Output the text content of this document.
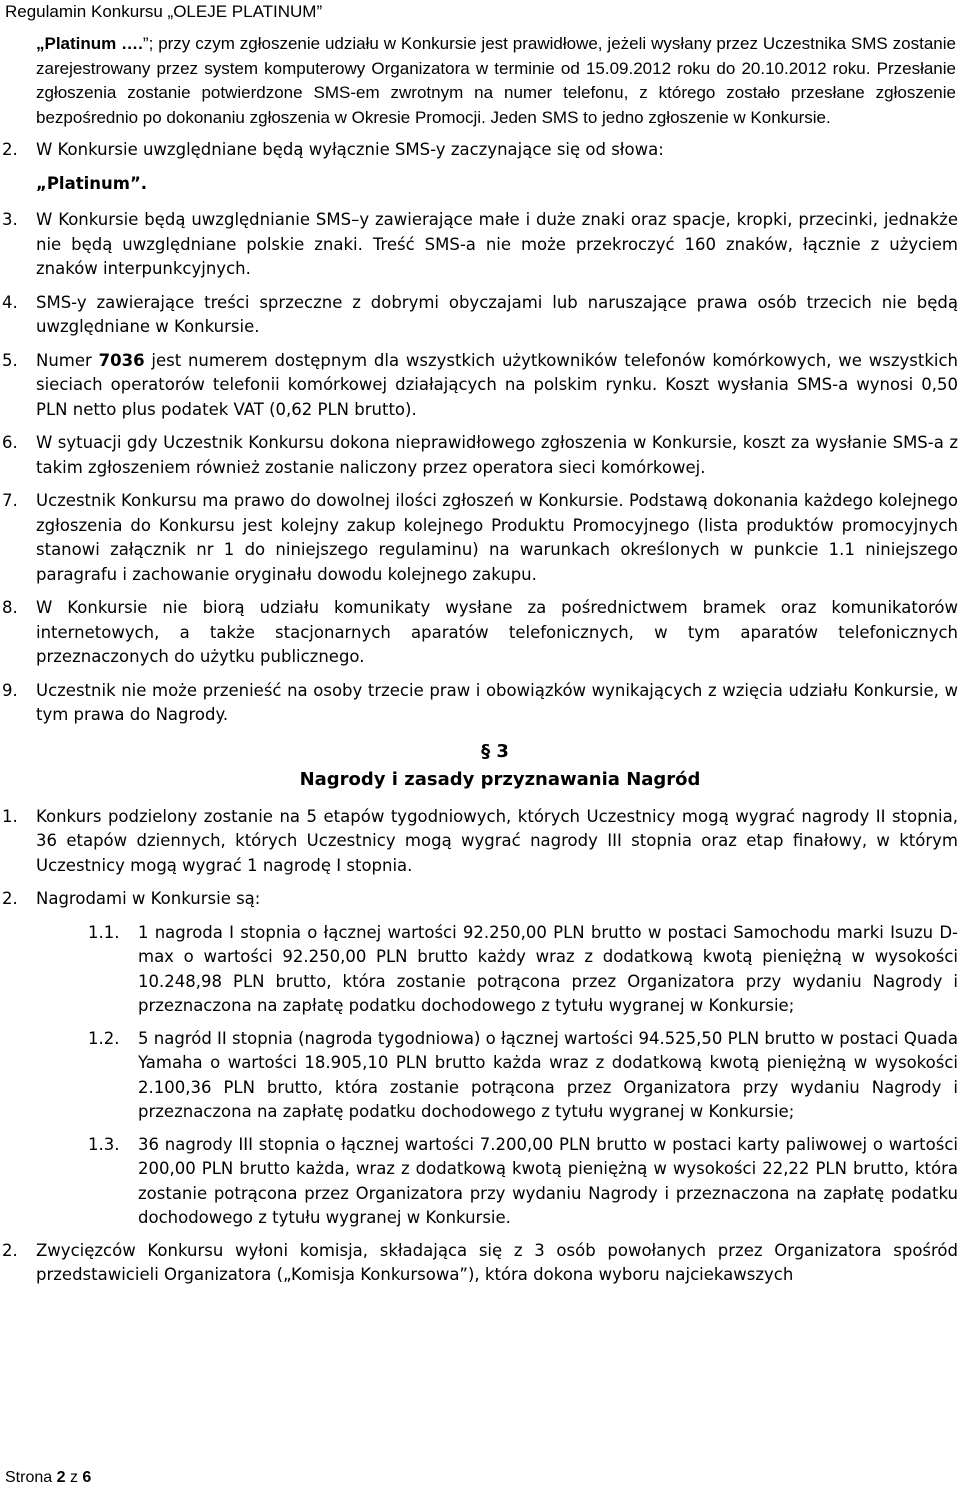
Regulamin Konkursu „OLEJE PLATINUM”

„Platinum ….”; przy czym zgłoszenie udziału w Konkursie jest prawidłowe, jeżeli wysłany przez Uczestnika SMS zostanie zarejestrowany przez system komputerowy Organizatora w terminie od 15.09.2012 roku do 20.10.2012 roku. Przesłanie zgłoszenia zostanie potwierdzone SMS-em zwrotnym na numer telefonu, z którego zostało przesłane zgłoszenie bezpośrednio po dokonaniu zgłoszenia w Okresie Promocji. Jeden SMS to jedno zgłoszenie w Konkursie.

2. W Konkursie uwzględniane będą wyłącznie SMS-y zaczynające się od słowa:
„Platinum”.
3. W Konkursie będą uwzględnianie SMS–y zawierające małe i duże znaki oraz spacje, kropki, przecinki, jednakże nie będą uwzględniane polskie znaki. Treść SMS-a nie może przekroczyć 160 znaków, łącznie z użyciem znaków interpunkcyjnych.
4. SMS-y zawierające treści sprzeczne z dobrymi obyczajami lub naruszające prawa osób trzecich nie będą uwzględniane w Konkursie.
5. Numer 7036 jest numerem dostępnym dla wszystkich użytkowników telefonów komórkowych, we wszystkich sieciach operatorów telefonii komórkowej działających na polskim rynku. Koszt wysłania SMS-a wynosi 0,50 PLN netto plus podatek VAT (0,62 PLN brutto).
6. W sytuacji gdy Uczestnik Konkursu dokona nieprawidłowego zgłoszenia w Konkursie, koszt za wysłanie SMS-a z takim zgłoszeniem również zostanie naliczony przez operatora sieci komórkowej.
7. Uczestnik Konkursu ma prawo do dowolnej ilości zgłoszeń w Konkursie. Podstawą dokonania każdego kolejnego zgłoszenia do Konkursu jest kolejny zakup kolejnego Produktu Promocyjnego (lista produktów promocyjnych stanowi załącznik nr 1 do niniejszego regulaminu) na warunkach określonych w punkcie 1.1 niniejszego paragrafu i zachowanie oryginału dowodu kolejnego zakupu.
8. W Konkursie nie biorą udziału komunikaty wysłane za pośrednictwem bramek oraz komunikatorów internetowych, a także stacjonarnych aparatów telefonicznych, w tym aparatów telefonicznych przeznaczonych do użytku publicznego.
9. Uczestnik nie może przenieść na osoby trzecie praw i obowiązków wynikających z wzięcia udziału Konkursie, w tym prawa do Nagrody.
§ 3
Nagrody i zasady przyznawania Nagród
1. Konkurs podzielony zostanie na 5 etapów tygodniowych, których Uczestnicy mogą wygrać nagrody II stopnia, 36 etapów dziennych, których Uczestnicy mogą wygrać nagrody III stopnia oraz etap finałowy, w którym Uczestnicy mogą wygrać 1 nagrodę I stopnia.
2. Nagrodami w Konkursie są:
1.1. 1 nagroda I stopnia o łącznej wartości 92.250,00 PLN brutto w postaci Samochodu marki Isuzu D-max o wartości 92.250,00 PLN brutto każdy wraz z dodatkową kwotą pieniężną w wysokości 10.248,98 PLN brutto, która zostanie potrącona przez Organizatora przy wydaniu Nagrody i przeznaczona na zapłatę podatku dochodowego z tytułu wygranej w Konkursie;
1.2. 5 nagród II stopnia (nagroda tygodniowa) o łącznej wartości 94.525,50 PLN brutto w postaci Quada Yamaha o wartości 18.905,10 PLN brutto każda wraz z dodatkową kwotą pieniężną w wysokości 2.100,36 PLN brutto, która zostanie potrącona przez Organizatora przy wydaniu Nagrody i przeznaczona na zapłatę podatku dochodowego z tytułu wygranej w Konkursie;
1.3. 36 nagrody III stopnia o łącznej wartości 7.200,00 PLN brutto w postaci karty paliwowej o wartości 200,00 PLN brutto każda, wraz z dodatkową kwotą pieniężną w wysokości 22,22 PLN brutto, która zostanie potrącona przez Organizatora przy wydaniu Nagrody i przeznaczona na zapłatę podatku dochodowego z tytułu wygranej w Konkursie.
2. Zwycięzców Konkursu wyłoni komisja, składająca się z 3 osób powołanych przez Organizatora spośród przedstawicieli Organizatora („Komisja Konkursowa”), która dokona wyboru najciekawszych
Strona 2 z 6
